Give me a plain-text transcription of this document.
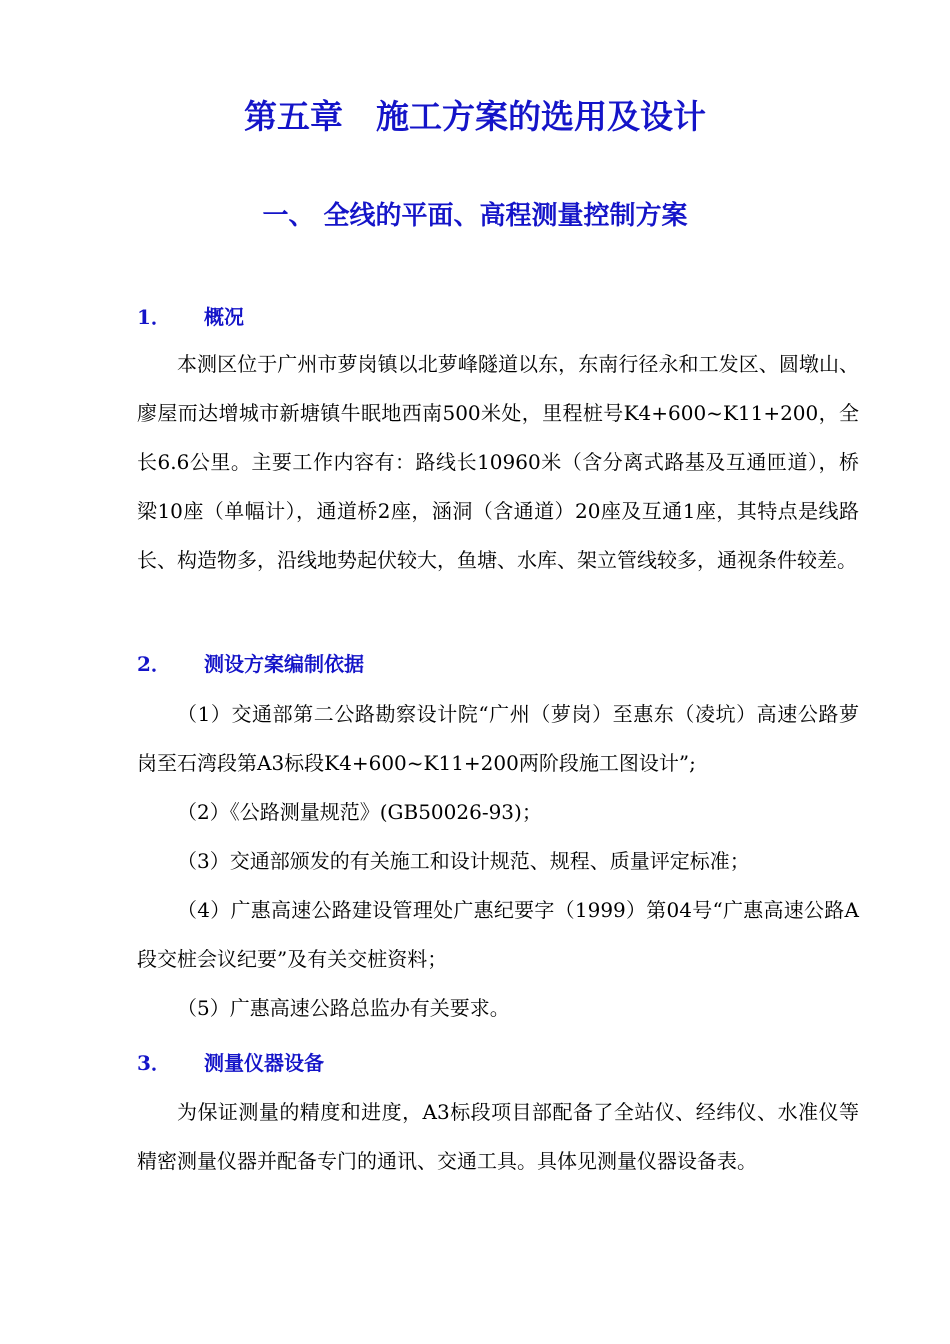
第五章　施工方案的选用及设计
一、 全线的平面、高程测量控制方案
1． 概况

本测区位于广州市萝岗镇以北萝峰隧道以东，东南行径永和工发区、圆墩山、廖屋而达增城市新塘镇牛眠地西南500米处，里程桩号K4+600~K11+200，全长6.6公里。主要工作内容有：路线长10960米（含分离式路基及互通匝道），桥梁10座（单幅计），通道桥2座，涵洞（含通道）20座及互通1座，其特点是线路长、构造物多，沿线地势起伏较大，鱼塘、水库、架立管线较多，通视条件较差。

2． 测设方案编制依据

（1）交通部第二公路勘察设计院“广州（萝岗）至惠东（凌坑）高速公路萝岗至石湾段第A3标段K4+600~K11+200两阶段施工图设计”;

（2）《公路测量规范》(GB50026-93)；

（3）交通部颁发的有关施工和设计规范、规程、质量评定标准；

（4）广惠高速公路建设管理处广惠纪要字（1999）第04号“广惠高速公路A段交桩会议纪要”及有关交桩资料；

（5）广惠高速公路总监办有关要求。

3． 测量仪器设备

为保证测量的精度和进度，A3标段项目部配备了全站仪、经纬仪、水准仪等精密测量仪器并配备专门的通讯、交通工具。具体见测量仪器设备表。
